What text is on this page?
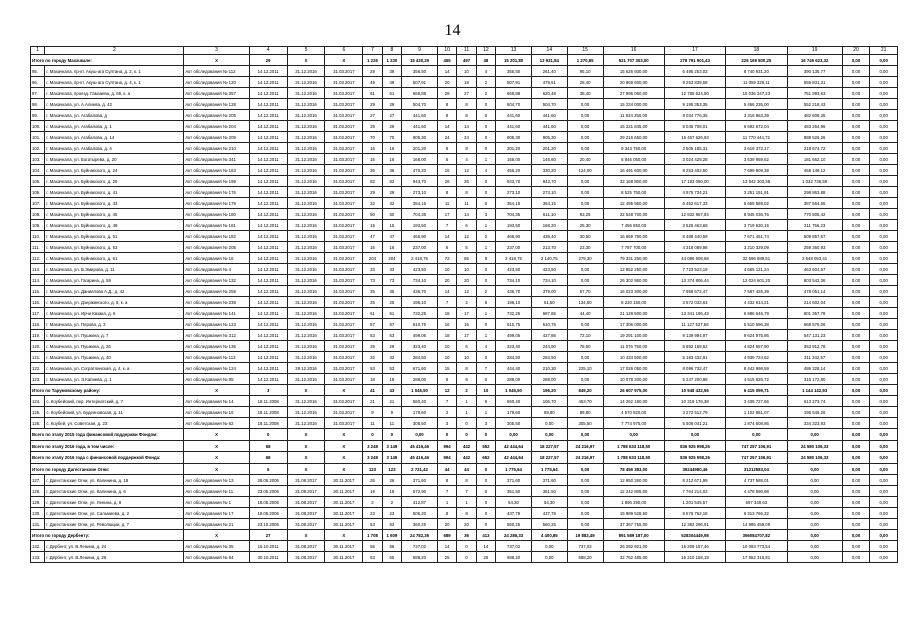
14
1	2	3	4	5	6	7	8	9	10	11	12	13	14	15	16	17	18	19	20	21
Итого по городу Махачкале:		X	29	X	X	1 226	1 230	15 430,29	455	497	48	15 201,80	13 931,84	1 270,85	521 707 303,00	278 791 901,43	226 169 800,25	16 745 623,32	0,00	0,00
95.	г. Махачкала, пр-кт. Акуш-ага Султана, д. 2, к. 1	Акт обследования № 112	14.12.2011	31.12.2016	31.03.2017	29	39	356,50	14	10	4	356,50	261,40	95,10	15 626 930,00	6 495 253,03	8 740 931,20	390 135,77	0,00	0,00
96.	г. Махачкала, пр-кт. Акуш-ага Султана, д. 4, к. 1	Акт обследования № 120	14.12.2011	31.12.2016	31.03.2017	49	49	507,91	20	18	2	507,91	479,51	28,40	20 869 600,00	9 253 839,58	11 059 329,11	555 831,31	0,00	0,00
97.	г. Махачкала, проезд. Гамзаева, д. 69, к. а	Акт обследования № 357	14.12.2011	31.12.2016	31.03.2017	61	61	669,88	29	27	2	669,88	620,48	38,40	27 995 050,00	12 785 624,50	15 036 347,23	751 993,63	0,00	0,00
98.	г. Махачкала, ул. А.Алиева, д. 42	Акт обследования № 128	14.12.2011	31.12.2016	31.03.2017	29	29	504,70	8	8	0	504,70	504,70	0,00	15 234 000,00	9 195 353,35	5 466 235,00	552 218,43	0,00	0,00
99.	г. Махачкала, ул. Агабалова, д	Акт обследования № 205	14.12.2011	31.12.2016	31.03.2017	27	27	441,60	8	8	0	441,60	441,60	0,00	11 834 250,00	8 034 776,35	3 316 863,39	482 608,35	0,00	0,00
100.	г. Махачкала, ул. Агабалова, д. 1	Акт обследования № 204	14.12.2011	31.12.2016	31.03.2017	29	29	441,60	14	14	0	441,60	441,60	0,00	15 221 645,00	8 045 708,01	6 692 672,04	483 264,96	0,00	0,00
101.	г. Махачкала, ул. Агабалова, д. 14	Акт обследования № 209	14.12.2011	31.12.2016	31.03.2017	70	70	905,30	24	24	0	905,30	905,30	0,00	29 216 650,00	16 457 626,93	11 770 444,72	988 526,26	0,00	0,00
102.	г. Махачкала, ул. Агабалова, д. 4	Акт обследования № 210	14.12.2011	31.12.2016	31.03.2017	16	16	201,20	8	8	0	201,20	201,20	0,00	9 343 750,00	3 505 185,31	3 619 372,17	218 674,72	0,00	0,00
103.	г. Махачкала, ул. Богатырева, д. 20	Акт обследования № 341	14.12.2011	31.12.2016	31.03.2017	16	16	166,00	5	4	1	166,00	145,60	20,40	6 846 050,00	3 024 428,28	3 639 959,62	181 662,10	0,00	0,00
104.	г. Махачкала, ул. Буйнакского, д. 24	Акт обследования № 163	14.12.2011	31.12.2016	31.03.2017	36	36	470,20	16	12	4	455,20	330,20	124,00	16 491 600,00	8 253 402,50	7 699 909,38	458 148,12	0,00	0,00
105.	г. Махачкала, ул. Буйнакского, д. 29	Акт обследования № 199	14.12.2011	31.12.2016	31.03.2017	82	82	943,70	26	26	0	943,70	943,70	0,00	32 168 800,00	17 193 050,00	13 942 303,38	1 032 736,59	0,00	0,00
106.	г. Махачкала, ул. Буйнакского, д. 41	Акт обследования № 176	14.12.2011	31.12.2016	31.03.2017	29	29	273,10	8	8	0	273,10	273,10	0,00	8 525 750,00	4 975 734,21	3 251 151,91	298 863,88	0,00	0,00
107.	г. Махачкала, ул. Буйнакского, д. 43	Акт обследования № 179	14.12.2011	31.12.2016	31.03.2017	32	32	354,15	11	11	0	354,15	354,15	0,00	12 495 950,00	6 452 617,33	5 655 588,02	387 564,65	0,00	0,00
108.	г. Махачкала, ул. Буйнакского, д. 45	Акт обследования № 180	14.12.2011	31.12.2016	31.03.2017	50	50	704,35	17	14	3	704,35	611,10	93,25	22 548 700,00	12 832 867,84	8 945 036,76	770 805,42	0,00	0,00
109.	г. Махачкала, ул. Буйнакского, д. 49	Акт обследования № 181	14.12.2011	31.12.2016	31.03.2017	15	15	193,50	7	6	1	193,50	168,20	25,30	7 456 850,00	3 525 463,69	3 719 630,15	211 756,23	0,00	0,00
110.	г. Махачкала, ул. Буйнакского, д. 51	Акт обследования № 182	14.12.2011	31.12.2016	31.03.2017	47	47	465,90	14	12	2	465,90	435,40	30,50	16 669 750,00	8 488 440,59	7 671 451,74	509 857,67	0,00	0,00
111.	г. Махачкала, ул. Буйнакского, д. 53	Акт обследования № 205	14.12.2011	31.12.2016	31.03.2017	16	16	237,00	6	5	1	237,00	213,70	23,30	7 787 700,00	4 318 089,98	3 210 329,09	259 360,93	0,00	0,00
112.	г. Махачкала, ул. Буйнакского, д. 61	Акт обследования № 16	14.12.2011	31.12.2016	31.03.2017	204	204	2 418,75	72	65	8	2 418,75	2 140,75	279,30	79 331 250,00	44 086 508,68	32 596 689,51	2 648 053,41	0,00	0,00
113.	г. Махачкала, ул. В.Эмирова, д. 11	Акт обследования № 4	14.12.2011	31.12.2016	31.03.2017	33	33	423,50	10	10	0	423,50	423,50	0,00	12 852 250,00	7 723 523,19	4 665 121,24	463 604,57	0,00	0,00
114.	г. Махачкала, ул. Гагарина, д. 59	Акт обследования № 132	14.12.2011	31.12.2016	31.03.2017	73	73	734,10	20	20	0	734,10	734,10	0,00	26 302 950,00	13 374 806,44	12 024 601,20	803 542,36	0,00	0,00
115.	г. Махачкала, ул. Даниялова А.Д., д. 42	Акт обследования № 259	14.12.2011	31.12.2016	31.03.2017	35	35	436,70	14	12	2	436,70	379,00	57,70	16 023 300,00	7 958 672,47	7 587 426,39	478 051,14	0,00	0,00
116.	г. Махачкала, ул. Дзержинского, д. 8, к. а	Акт обследования № 238	14.12.2011	31.12.2016	31.03.2017	25	25	196,10	7	2	5	196,10	61,50	134,60	8 220 150,00	3 572 033,63	4 432 914,21	214 602,04	0,00	0,00
117.	г. Махачкала, ул. Ирчи Казака, д. 6	Акт обследования № 141	14.12.2011	31.12.2016	31.03.2017	61	61	732,25	18	17	1	732,25	687,85	44,40	21 128 500,00	13 341 196,43	6 986 646,79	801 357,78	0,00	0,00
118.	г. Махачкала, ул. Перова, д. 3	Акт обследования № 123	14.12.2011	31.12.2016	31.03.2017	57	57	610,75	16	16	0	610,75	610,75	0,00	17 306 000,00	11 127 527,56	5 510 596,38	668 576,06	0,00	0,00
119.	г. Махачкала, ул. Пушкина, д. 7	Акт обследования № 312	14.12.2011	31.12.2016	31.03.2017	53	53	499,06	18	17	1	499,06	427,86	72,10	19 291 100,00	9 139 994,97	9 624 975,86	547 131,23	0,00	0,00
120.	г. Махачкала, ул. Пушкина, д. 26	Акт обследования № 136	14.12.2011	31.12.2016	31.03.2017	29	29	323,40	10	6	4	323,40	244,90	78,50	11 076 750,00	5 892 169,52	4 824 657,90	353 912,78	0,00	0,00
121.	г. Махачкала, ул. Пушкина, д. 40	Акт обследования № 113	14.12.2011	31.12.2016	31.03.2017	32	32	284,50	10	10	0	284,50	284,50	0,00	10 434 500,00	5 183 432,81	4 939 724,62	311 342,57	0,00	0,00
122.	г. Махачкала, ул. Согратлинская, д. 4, к. а	Акт обследования № 124	14.12.2011	29.12.2016	31.03.2017	53	53	671,60	15	8	7	444,40	210,30	225,10	17 026 050,00	8 096 732,47	8 442 998,59	486 328,14	0,00	0,00
123.	г. Махачкала, ул. Э.Капиева, д. 1	Акт обследования № 95	14.12.2011	31.12.2016	31.03.2017	18	18	288,00	9	9	0	288,00	288,00	0,00	10 078 200,00	5 247 200,88	4 515 826,72	315 172,80	0,00	0,00
Итого по Тарумовскому району:		X	3	X	X	41	43	1 045,50	12	2	10	1 045,50	196,20	849,20	26 607 975,00	10 948 432,56	6 415 099,71	1 144 142,93	0,00	0,00
124.	с. Коубейский, пер. Интернатский, д. 7	Акт обследования № 14	18.11.2008	31.12.2016	31.03.2017	21	21	560,40	7	1	6	560,40	106,70	453,70	14 262 180,00	10 319 176,38	3 438 727,66	613 273,74	0,00	0,00
125.	с. Коубейский, ул. Буденновская, д. 11	Акт обследования № 16	18.11.2008	31.12.2016	31.03.2017	9	9	179,60	2	1	1	179,60	89,80	89,80	4 570 820,00	3 272 512,79	1 102 861,07	196 545,26	0,00	0,00
126.	с. Коубей, ул. Советская, д. 23	Акт обследования № 62	18.11.2008	31.12.2016	31.03.2017	11	11	305,50	3	0	3	305,50	0,00	305,50	7 774 975,00	5 506 041,21	1 874 608,86	334 323,93	0,00	0,00
Всего по этапу 2015 года финансовой поддержки Фондом:		X	0	X	X	0	0	0,00	0	0	0	0,00	0,00	0,00	0,00	0,00	0,00	0,00	0,00	0,00
Всего по этапу 2016 года, в том числе:		X	68	X	X	3 248	3 149	45 416,46	994	442	552	42 444,64	18 227,57	24 216,97	1 788 633 118,50	836 925 998,26	747 257 106,91	24 580 106,33	0,00	0,00
Всего по этапу 2016 года с финансовой поддержкой Фонда:		X	68	X	X	3 248	3 149	45 416,46	994	442	652	42 444,64	18 227,57	24 216,97	1 788 633 118,50	836 925 998,26	747 257 106,91	24 580 106,33	0,00	0,00
Итого по городу Дагестанские Огни:		X	5	X	X	123	123	2 721,42	44	44	0	1 775,64	1 775,64	0,00	78 456 383,00	39244980,46	31212583,04	0,00	0,00	0,00
127.	г. Дагестанские Огни, ул. Калинина, д. 18	Акт обследования № 13	28.05.2006	31.08.2017	30.11.2017	26	26	371,60	8	8	0	371,60	371,60	0,00	12 950 260,00	8 212 671,99	4 737 588,01	0,00	0,00	0,00
128.	г. Дагестанские Огни, ул. Калинина, д. 6	Акт обследования № 11	23.05.2006	31.08.2017	30.11.2017	19	19	572,90	7	7	0	351,50	351,50	0,00	12 242 805,00	7 764 214,02	4 478 590,98	0,00	0,00	0,00
129.	г. Дагестанские Огни, ул. Ленина, д. 8	Акт обследования № 1	18.05.2006	31.08.2017	30.11.2017	2	2	412,87	1	1	0	54,30	54,30	0,00	1 896 290,00	1 201 545,57	697 349,63	0,00	0,00	0,00
130.	г. Дагестанские Огни, ул. Сальмиева, д. 2	Акт обследования № 17	19.05.2006	31.08.2017	30.11.2017	23	23	506,20	8	8	0	437,79	437,79	0,00	15 989 528,50	9 675 762,18	6 313 766,32	0,00	0,00	0,00
131.	г. Дагестанские Огни, ул. Революции, д. 7	Акт обследования № 21	23.10.2006	31.08.2017	30.11.2017	53	53	360,25	20	20	0	560,25	560,25	0,00	37 367 755,00	12 382 296,91	14 985 459,09	0,00	0,00	0,00
Итого по городу Дербенту:		X	27	X	X	1 708	1 609	24 782,35	689	36	413	24 286,33	4 400,85	19 883,49	891 589 187,00	528304449,98	356084707,82	0,00	0,00	0,00
132.	г. Дербент, ул. В.Ленина, д. 24	Акт обследования № 35	15.10.2011	31.08.2017	30.11.2017	56	56	737,02	14	0	14	737,02	0,00	737,02	26 292 921,00	16 209 157,46	10 083 773,54	0,00	0,00	0,00
133.	г. Дербент, ул. В.Ленина, д. 26	Акт обследования № 84	30.10.2011	31.08.2017	30.11.2017	63	65	688,20	25	0	25	688,20	0,00	688,20	32 762 485,00	15 210 168,19	17 552 316,81	0,00	0,00	0,00
